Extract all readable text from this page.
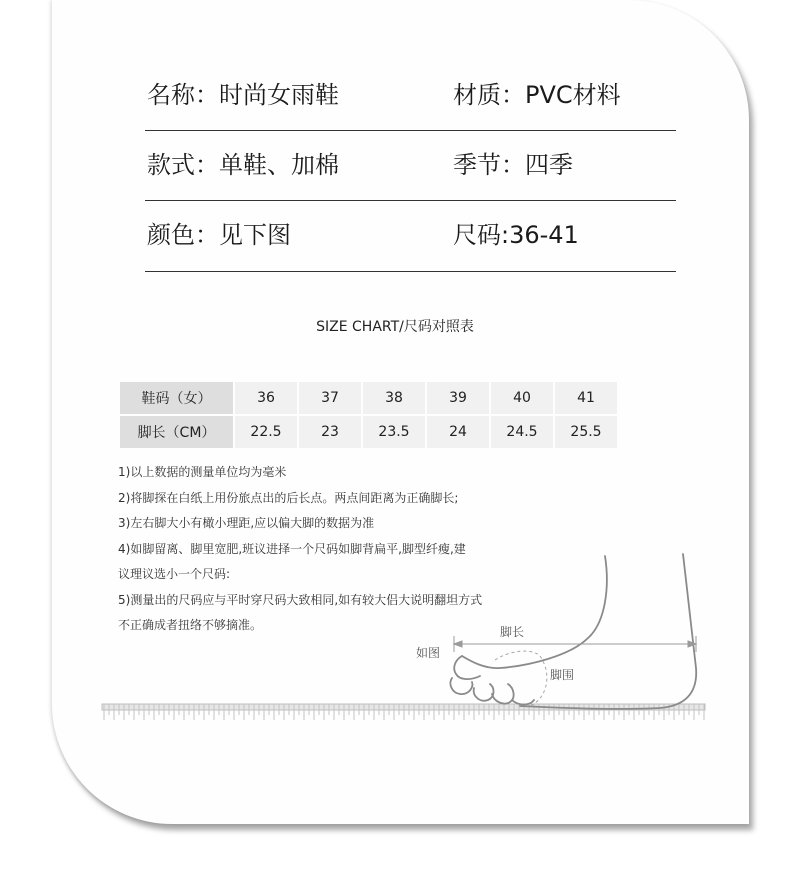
名称：时尚女雨鞋	材质：PVC材料
款式：单鞋、加棉	季节：四季
颜色：见下图	尺码:36-41
SIZE CHART/尺码对照表
鞋码（女）	36	37	38	39	40	41
脚长（CM）	22.5	23	23.5	24	24.5	25.5
1)以上数据的测量单位均为毫米
2)将脚探在白纸上用份旅点出的后长点。两点间距离为正确脚长;
3)左右脚大小有橄小理距,应以偏大脚的数据为准
4)如脚留离、脚里宽肥,班议进择一个尺码如脚背扁平,脚型纤瘦,建
议理议选小一个尺码:
5)测量出的尺码应与平时穿尺码大致相同,如有较大侣大说明翻坦方式
不正确成者扭络不够摘准。	脚长
脚围
如图
